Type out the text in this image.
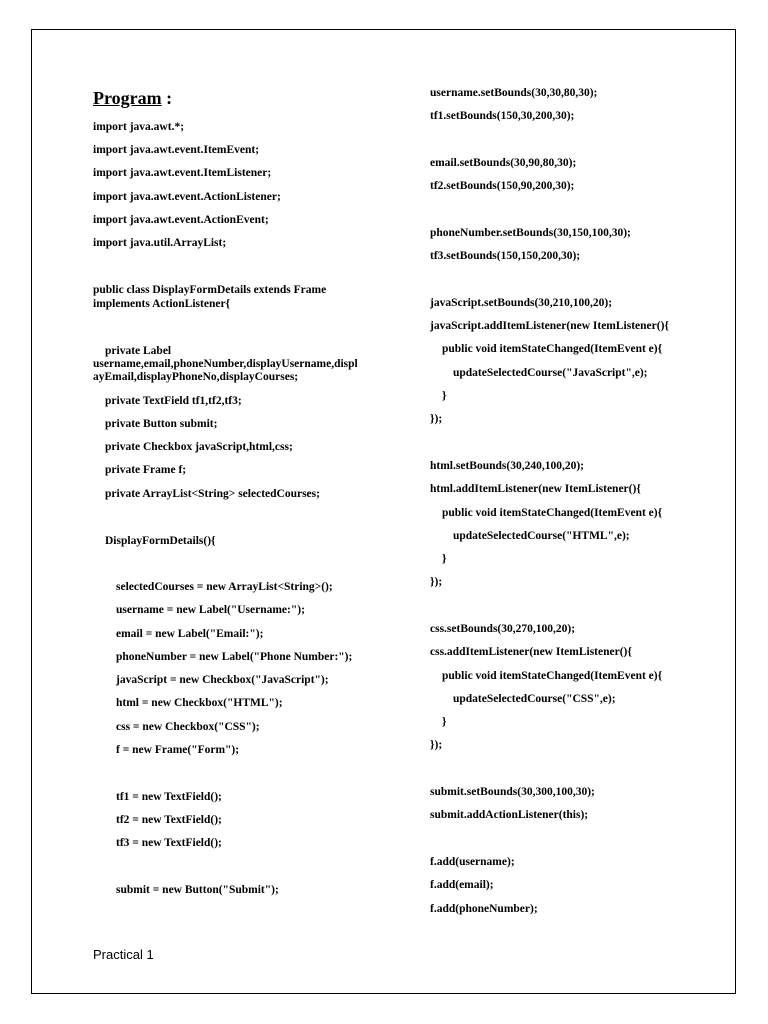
Program :
import java.awt.*;
import java.awt.event.ItemEvent;
import java.awt.event.ItemListener;
import java.awt.event.ActionListener;
import java.awt.event.ActionEvent;
import java.util.ArrayList;
public class DisplayFormDetails extends Frame
implements ActionListener{
private Label
username,email,phoneNumber,displayUsername,displ
ayEmail,displayPhoneNo,displayCourses;
private TextField tf1,tf2,tf3;
private Button submit;
private Checkbox javaScript,html,css;
private Frame f;
private ArrayList<String> selectedCourses;
DisplayFormDetails(){
selectedCourses = new ArrayList<String>();
username = new Label("Username:");
email = new Label("Email:");
phoneNumber = new Label("Phone Number:");
javaScript = new Checkbox("JavaScript");
html = new Checkbox("HTML");
css = new Checkbox("CSS");
f = new Frame("Form");
tf1 = new TextField();
tf2 = new TextField();
tf3 = new TextField();
submit = new Button("Submit");
username.setBounds(30,30,80,30);
tf1.setBounds(150,30,200,30);
email.setBounds(30,90,80,30);
tf2.setBounds(150,90,200,30);
phoneNumber.setBounds(30,150,100,30);
tf3.setBounds(150,150,200,30);
javaScript.setBounds(30,210,100,20);
javaScript.addItemListener(new ItemListener(){
public void itemStateChanged(ItemEvent e){
updateSelectedCourse("JavaScript",e);
}
});
html.setBounds(30,240,100,20);
html.addItemListener(new ItemListener(){
public void itemStateChanged(ItemEvent e){
updateSelectedCourse("HTML",e);
}
});
css.setBounds(30,270,100,20);
css.addItemListener(new ItemListener(){
public void itemStateChanged(ItemEvent e){
updateSelectedCourse("CSS",e);
}
});
submit.setBounds(30,300,100,30);
submit.addActionListener(this);
f.add(username);
f.add(email);
f.add(phoneNumber);
Practical 1
